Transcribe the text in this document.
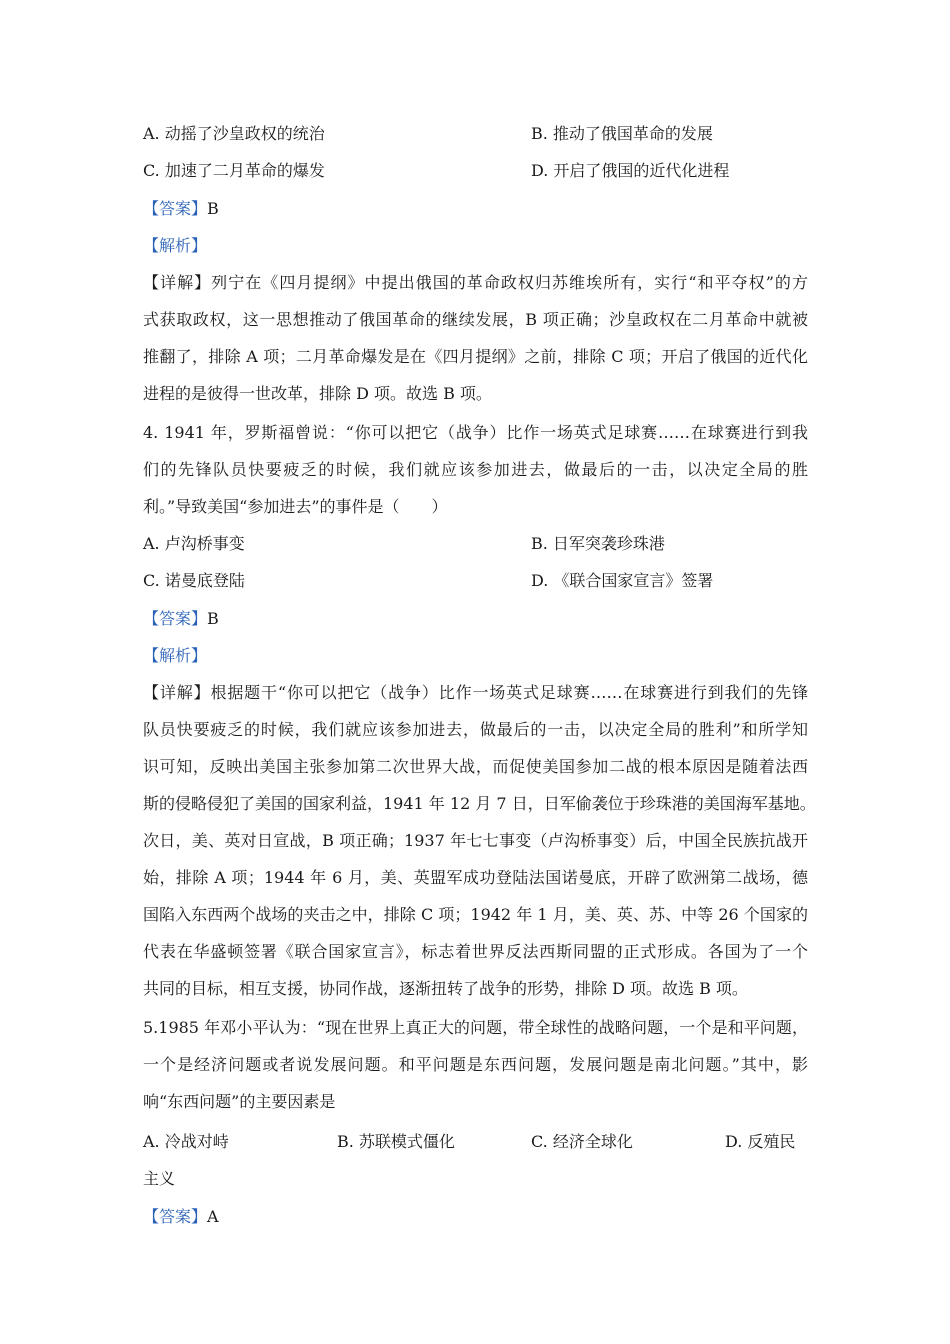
A. 动摇了沙皇政权的统治	B. 推动了俄国革命的发展
C. 加速了二月革命的爆发	D. 开启了俄国的近代化进程
【答案】B
【解析】
【详解】列宁在《四月提纲》中提出俄国的革命政权归苏维埃所有，实行“和平夺权”的方
式获取政权，这一思想推动了俄国革命的继续发展，B 项正确；沙皇政权在二月革命中就被
推翻了，排除 A 项；二月革命爆发是在《四月提纲》之前，排除 C 项；开启了俄国的近代化
进程的是彼得一世改革，排除 D 项。故选 B 项。
4. 1941 年，罗斯福曾说：“你可以把它（战争）比作一场英式足球赛……在球赛进行到我
们的先锋队员快要疲乏的时候，我们就应该参加进去，做最后的一击，以决定全局的胜
利。”导致美国“参加进去”的事件是（　　）
A. 卢沟桥事变	B. 日军突袭珍珠港
C. 诺曼底登陆	D. 《联合国家宣言》签署
【答案】B
【解析】
【详解】根据题干“你可以把它（战争）比作一场英式足球赛……在球赛进行到我们的先锋
队员快要疲乏的时候，我们就应该参加进去，做最后的一击，以决定全局的胜利”和所学知
识可知，反映出美国主张参加第二次世界大战，而促使美国参加二战的根本原因是随着法西
斯的侵略侵犯了美国的国家利益，1941 年 12 月 7 日，日军偷袭位于珍珠港的美国海军基地。
次日，美、英对日宣战，B 项正确；1937 年七七事变（卢沟桥事变）后，中国全民族抗战开
始，排除 A 项；1944 年 6 月，美、英盟军成功登陆法国诺曼底，开辟了欧洲第二战场，德
国陷入东西两个战场的夹击之中，排除 C 项；1942 年 1 月，美、英、苏、中等 26 个国家的
代表在华盛顿签署《联合国家宣言》，标志着世界反法西斯同盟的正式形成。各国为了一个
共同的目标，相互支援，协同作战，逐渐扭转了战争的形势，排除 D 项。故选 B 项。
5.1985 年邓小平认为：“现在世界上真正大的问题，带全球性的战略问题，一个是和平问题，
一个是经济问题或者说发展问题。和平问题是东西问题，发展问题是南北问题。”其中，影
响“东西问题”的主要因素是
A. 冷战对峙	B. 苏联模式僵化	C. 经济全球化	D. 反殖民
主义
【答案】A
